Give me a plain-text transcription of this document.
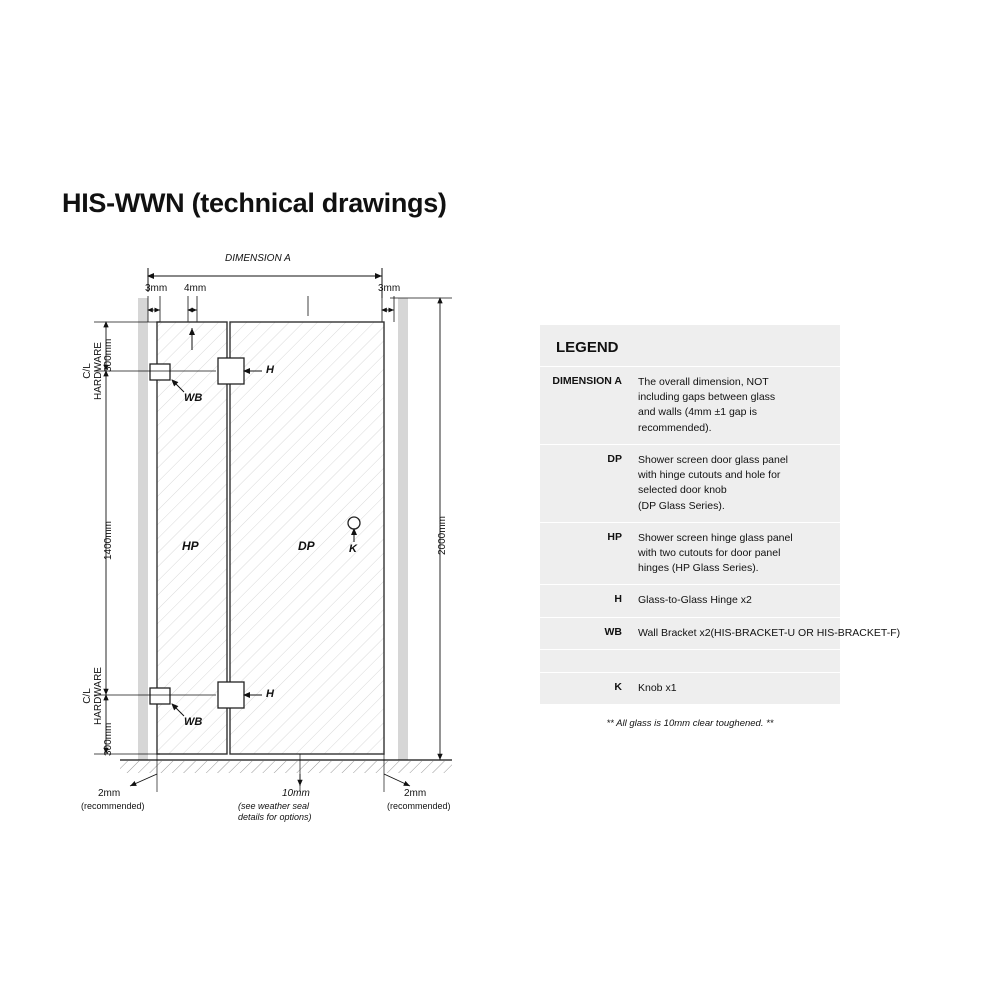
HIS-WWN (technical drawings)
DIMENSION A
3mm 4mm	3mm
C/L
HARDWARE 300mm
1400mm
C/L
HARDWARE
300mm
2000mm
HP	DP	K
H
H
WB
WB
2mm
(recommended)
10mm
(see weather seal
details for options)
2mm
(recommended)
LEGEND
DIMENSION A	The overall dimension, NOT
including gaps between glass
and walls (4mm ±1 gap is
recommended).
DP	Shower screen door glass panel
with hinge cutouts and hole for
selected door knob
(DP Glass Series).
HP	Shower screen hinge glass panel
with two cutouts for door panel
hinges (HP Glass Series).
H	Glass-to-Glass Hinge x2
WB	Wall Bracket x2(HIS-BRACKET-U OR HIS-BRACKET-F)
K	Knob x1
** All glass is 10mm clear toughened. **
